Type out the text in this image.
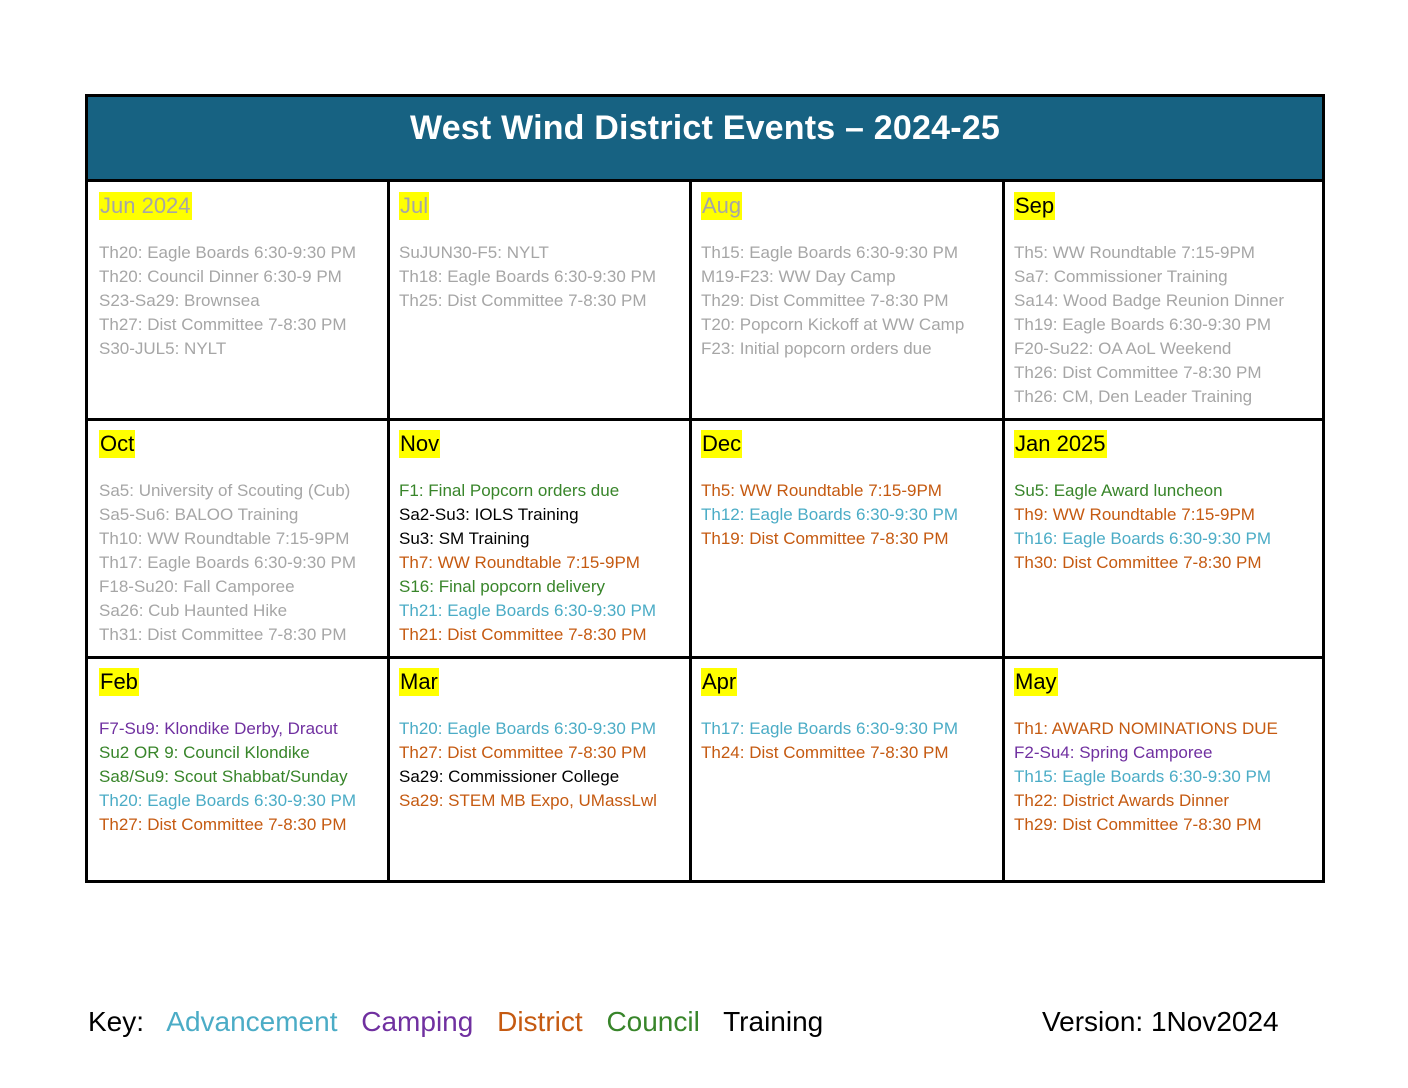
West Wind District Events – 2024-25
Jun 2024
Th20: Eagle Boards 6:30-9:30 PM
Th20: Council Dinner 6:30-9 PM
S23-Sa29: Brownsea
Th27: Dist Committee 7-8:30 PM
S30-JUL5: NYLT
Jul
SuJUN30-F5: NYLT
Th18: Eagle Boards 6:30-9:30 PM
Th25: Dist Committee 7-8:30 PM
Aug
Th15: Eagle Boards 6:30-9:30 PM
M19-F23: WW Day Camp
Th29: Dist Committee 7-8:30 PM
T20: Popcorn Kickoff at WW Camp
F23: Initial popcorn orders due
Sep
Th5: WW Roundtable 7:15-9PM
Sa7: Commissioner Training
Sa14: Wood Badge Reunion Dinner
Th19: Eagle Boards 6:30-9:30 PM
F20-Su22: OA AoL Weekend
Th26: Dist Committee 7-8:30 PM
Th26: CM, Den Leader Training
Oct
Sa5: University of Scouting (Cub)
Sa5-Su6: BALOO Training
Th10: WW Roundtable 7:15-9PM
Th17: Eagle Boards 6:30-9:30 PM
F18-Su20: Fall Camporee
Sa26: Cub Haunted Hike
Th31: Dist Committee 7-8:30 PM
Nov
F1: Final Popcorn orders due
Sa2-Su3: IOLS Training
Su3: SM Training
Th7: WW Roundtable 7:15-9PM
S16: Final popcorn delivery
Th21: Eagle Boards 6:30-9:30 PM
Th21: Dist Committee 7-8:30 PM
Dec
Th5: WW Roundtable 7:15-9PM
Th12: Eagle Boards 6:30-9:30 PM
Th19: Dist Committee 7-8:30 PM
Jan 2025
Su5: Eagle Award luncheon
Th9: WW Roundtable 7:15-9PM
Th16: Eagle Boards 6:30-9:30 PM
Th30: Dist Committee 7-8:30 PM
Feb
F7-Su9: Klondike Derby, Dracut
Su2 OR 9: Council Klondike
Sa8/Su9: Scout Shabbat/Sunday
Th20: Eagle Boards 6:30-9:30 PM
Th27: Dist Committee 7-8:30 PM
Mar
Th20: Eagle Boards 6:30-9:30 PM
Th27: Dist Committee 7-8:30 PM
Sa29: Commissioner College
Sa29: STEM MB Expo, UMassLwl
Apr
Th17: Eagle Boards 6:30-9:30 PM
Th24: Dist Committee 7-8:30 PM
May
Th1: AWARD NOMINATIONS DUE
F2-Su4: Spring Camporee
Th15: Eagle Boards 6:30-9:30 PM
Th22: District Awards Dinner
Th29: Dist Committee 7-8:30 PM
Key: Advancement Camping District Council Training	Version: 1Nov2024
